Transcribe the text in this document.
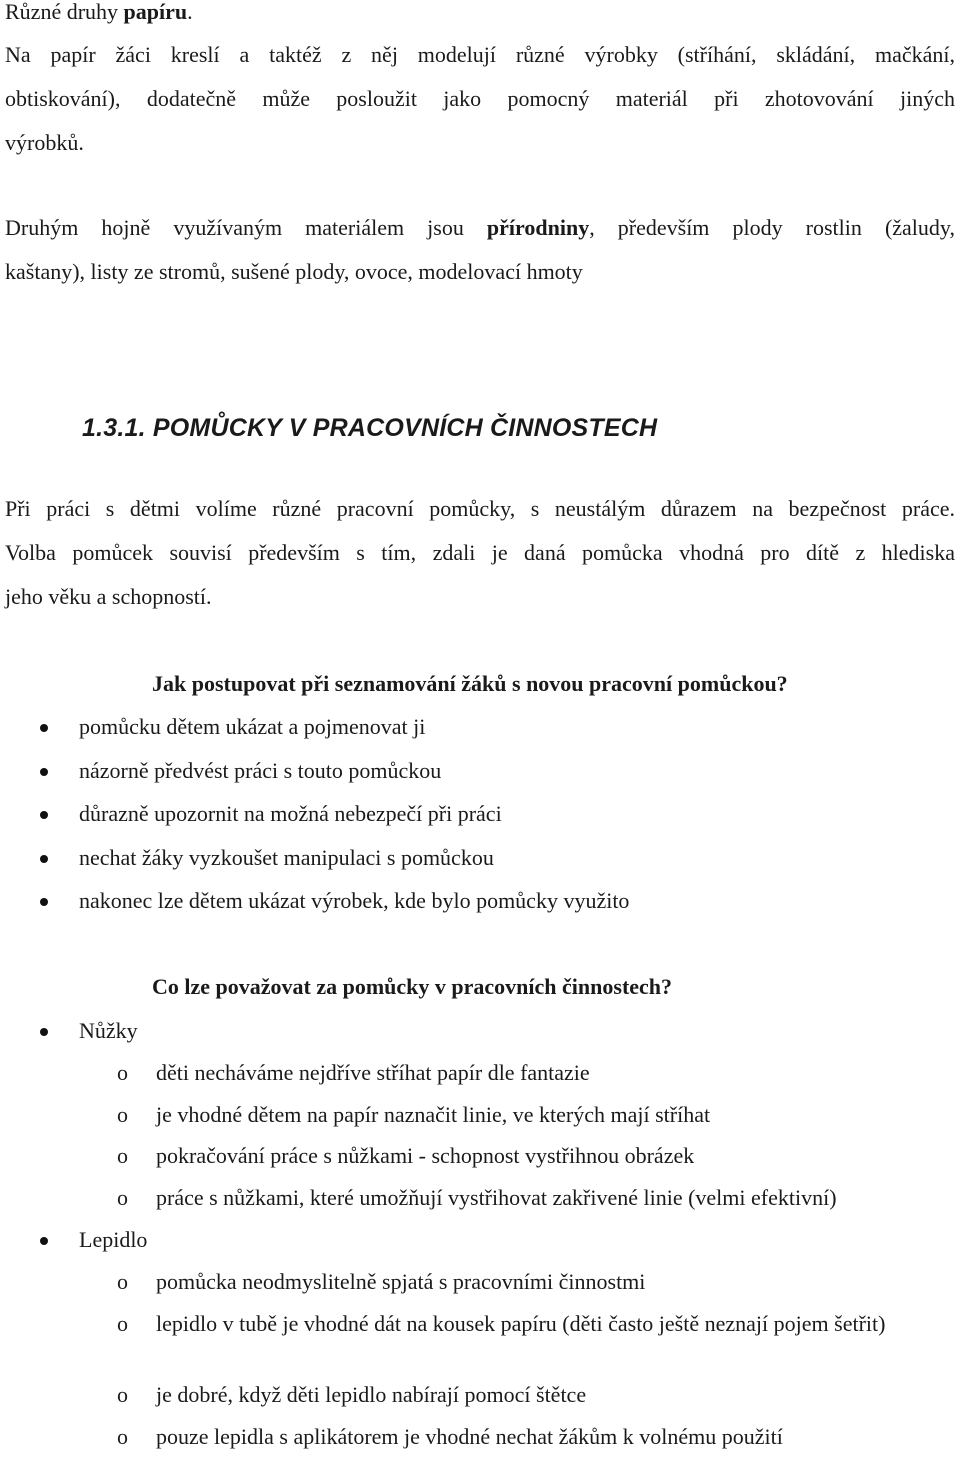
Různé druhy papíru.

Na papír žáci kreslí a taktéž z něj modelují různé výrobky (stříhání, skládání, mačkání,
obtiskování), dodatečně může posloužit jako pomocný materiál při zhotovování jiných
výrobků.

Druhým hojně využívaným materiálem jsou přírodniny, především plody rostlin (žaludy,
kaštany), listy ze stromů, sušené plody, ovoce, modelovací hmoty

1.3.1. POMŮCKY V PRACOVNÍCH ČINNOSTECH

Při práci s dětmi volíme různé pracovní pomůcky, s neustálým důrazem na bezpečnost práce.
Volba pomůcek souvisí především s tím, zdali je daná pomůcka vhodná pro dítě z hlediska
jeho věku a schopností.

Jak postupovat při seznamování žáků s novou pracovní pomůckou?

pomůcku dětem ukázat a pojmenovat ji
názorně předvést práci s touto pomůckou
důrazně upozornit na možná nebezpečí při práci
nechat žáky vyzkoušet manipulaci s pomůckou
nakonec lze dětem ukázat výrobek, kde bylo pomůcky využito

Co lze považovat za pomůcky v pracovních činnostech?

Nůžky
o	děti necháváme nejdříve stříhat papír dle fantazie
o	je vhodné dětem na papír naznačit linie, ve kterých mají stříhat
o	pokračování práce s nůžkami - schopnost vystřihnou obrázek
o	práce s nůžkami, které umožňují vystřihovat zakřivené linie (velmi efektivní)
Lepidlo
o	pomůcka neodmyslitelně spjatá s pracovními činnostmi
o	lepidlo v tubě je vhodné dát na kousek papíru (děti často ještě neznají pojem šetřit)
o	je dobré, když děti lepidlo nabírají pomocí štětce
o	pouze lepidla s aplikátorem je vhodné nechat žákům k volnému použití
